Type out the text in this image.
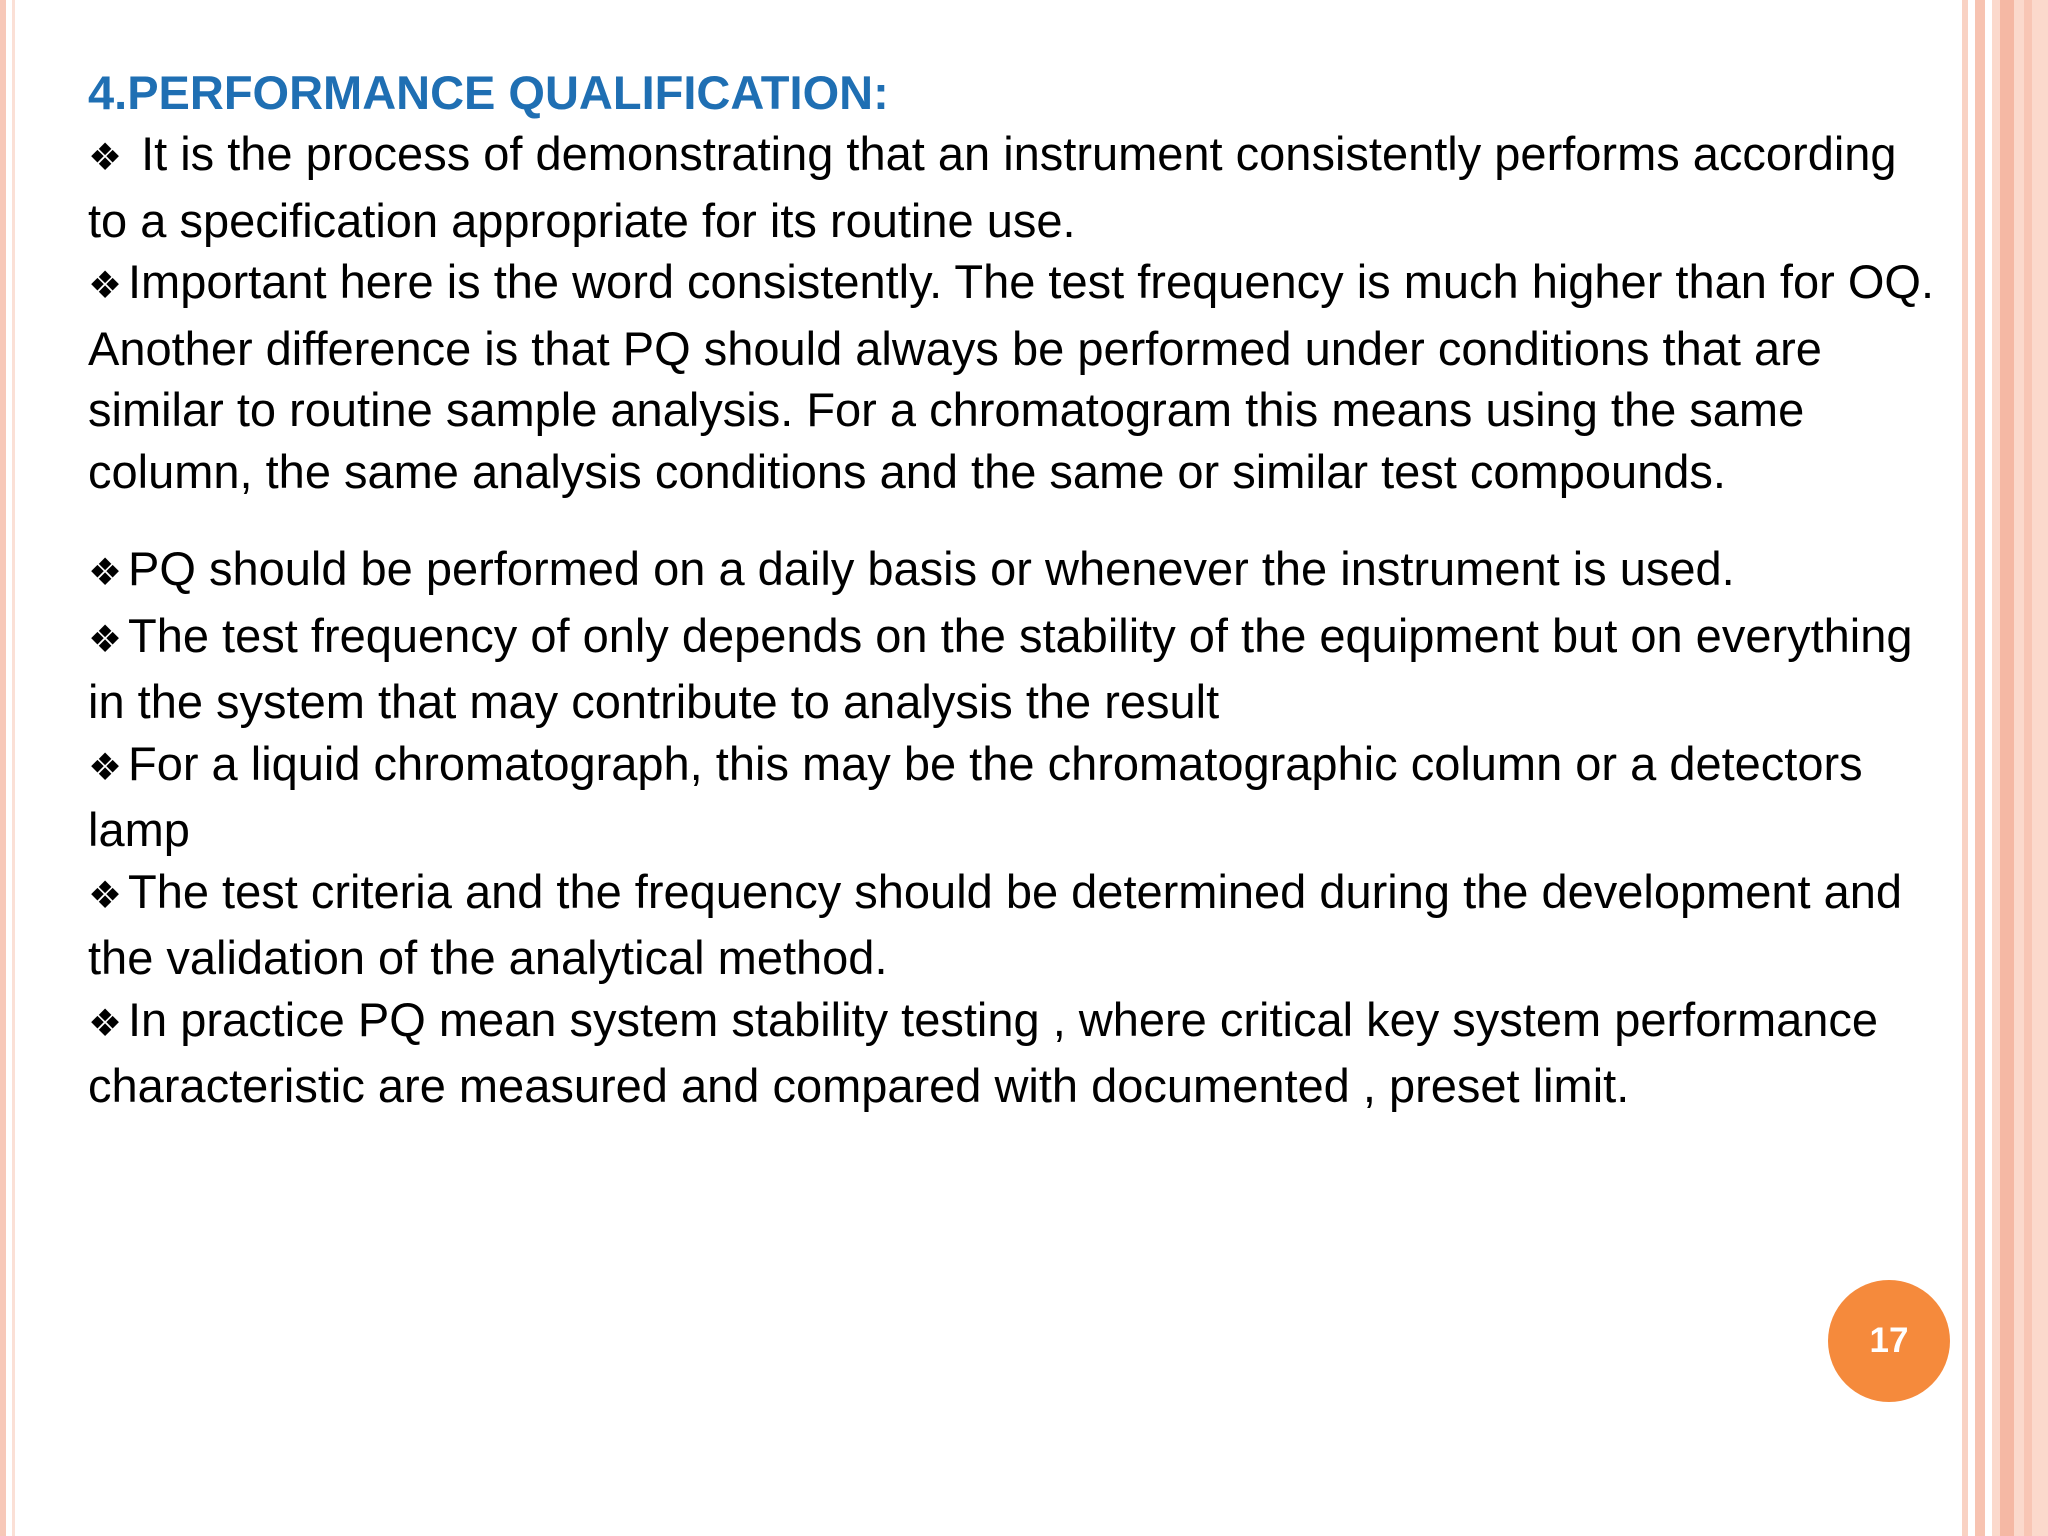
4.PERFORMANCE QUALIFICATION:

❖ It is the process of demonstrating that an instrument consistently performs according to a specification appropriate for its routine use.

❖ Important here is the word consistently. The test frequency is much higher than for OQ. Another difference is that PQ should always be performed under conditions that are similar to routine sample analysis. For a chromatogram this means using the same column, the same analysis conditions and the same or similar test compounds.

❖ PQ should be performed on a daily basis or whenever the instrument is used.

❖ The test frequency of only depends on the stability of the equipment but on everything in the system that may contribute to analysis the result

❖ For a liquid chromatograph, this may be the chromatographic column or a detectors lamp

❖ The test criteria and the frequency should be determined during the development and the validation of the analytical method.

❖ In practice PQ mean system stability testing , where critical key system performance characteristic are measured and compared with documented , preset limit.

17
